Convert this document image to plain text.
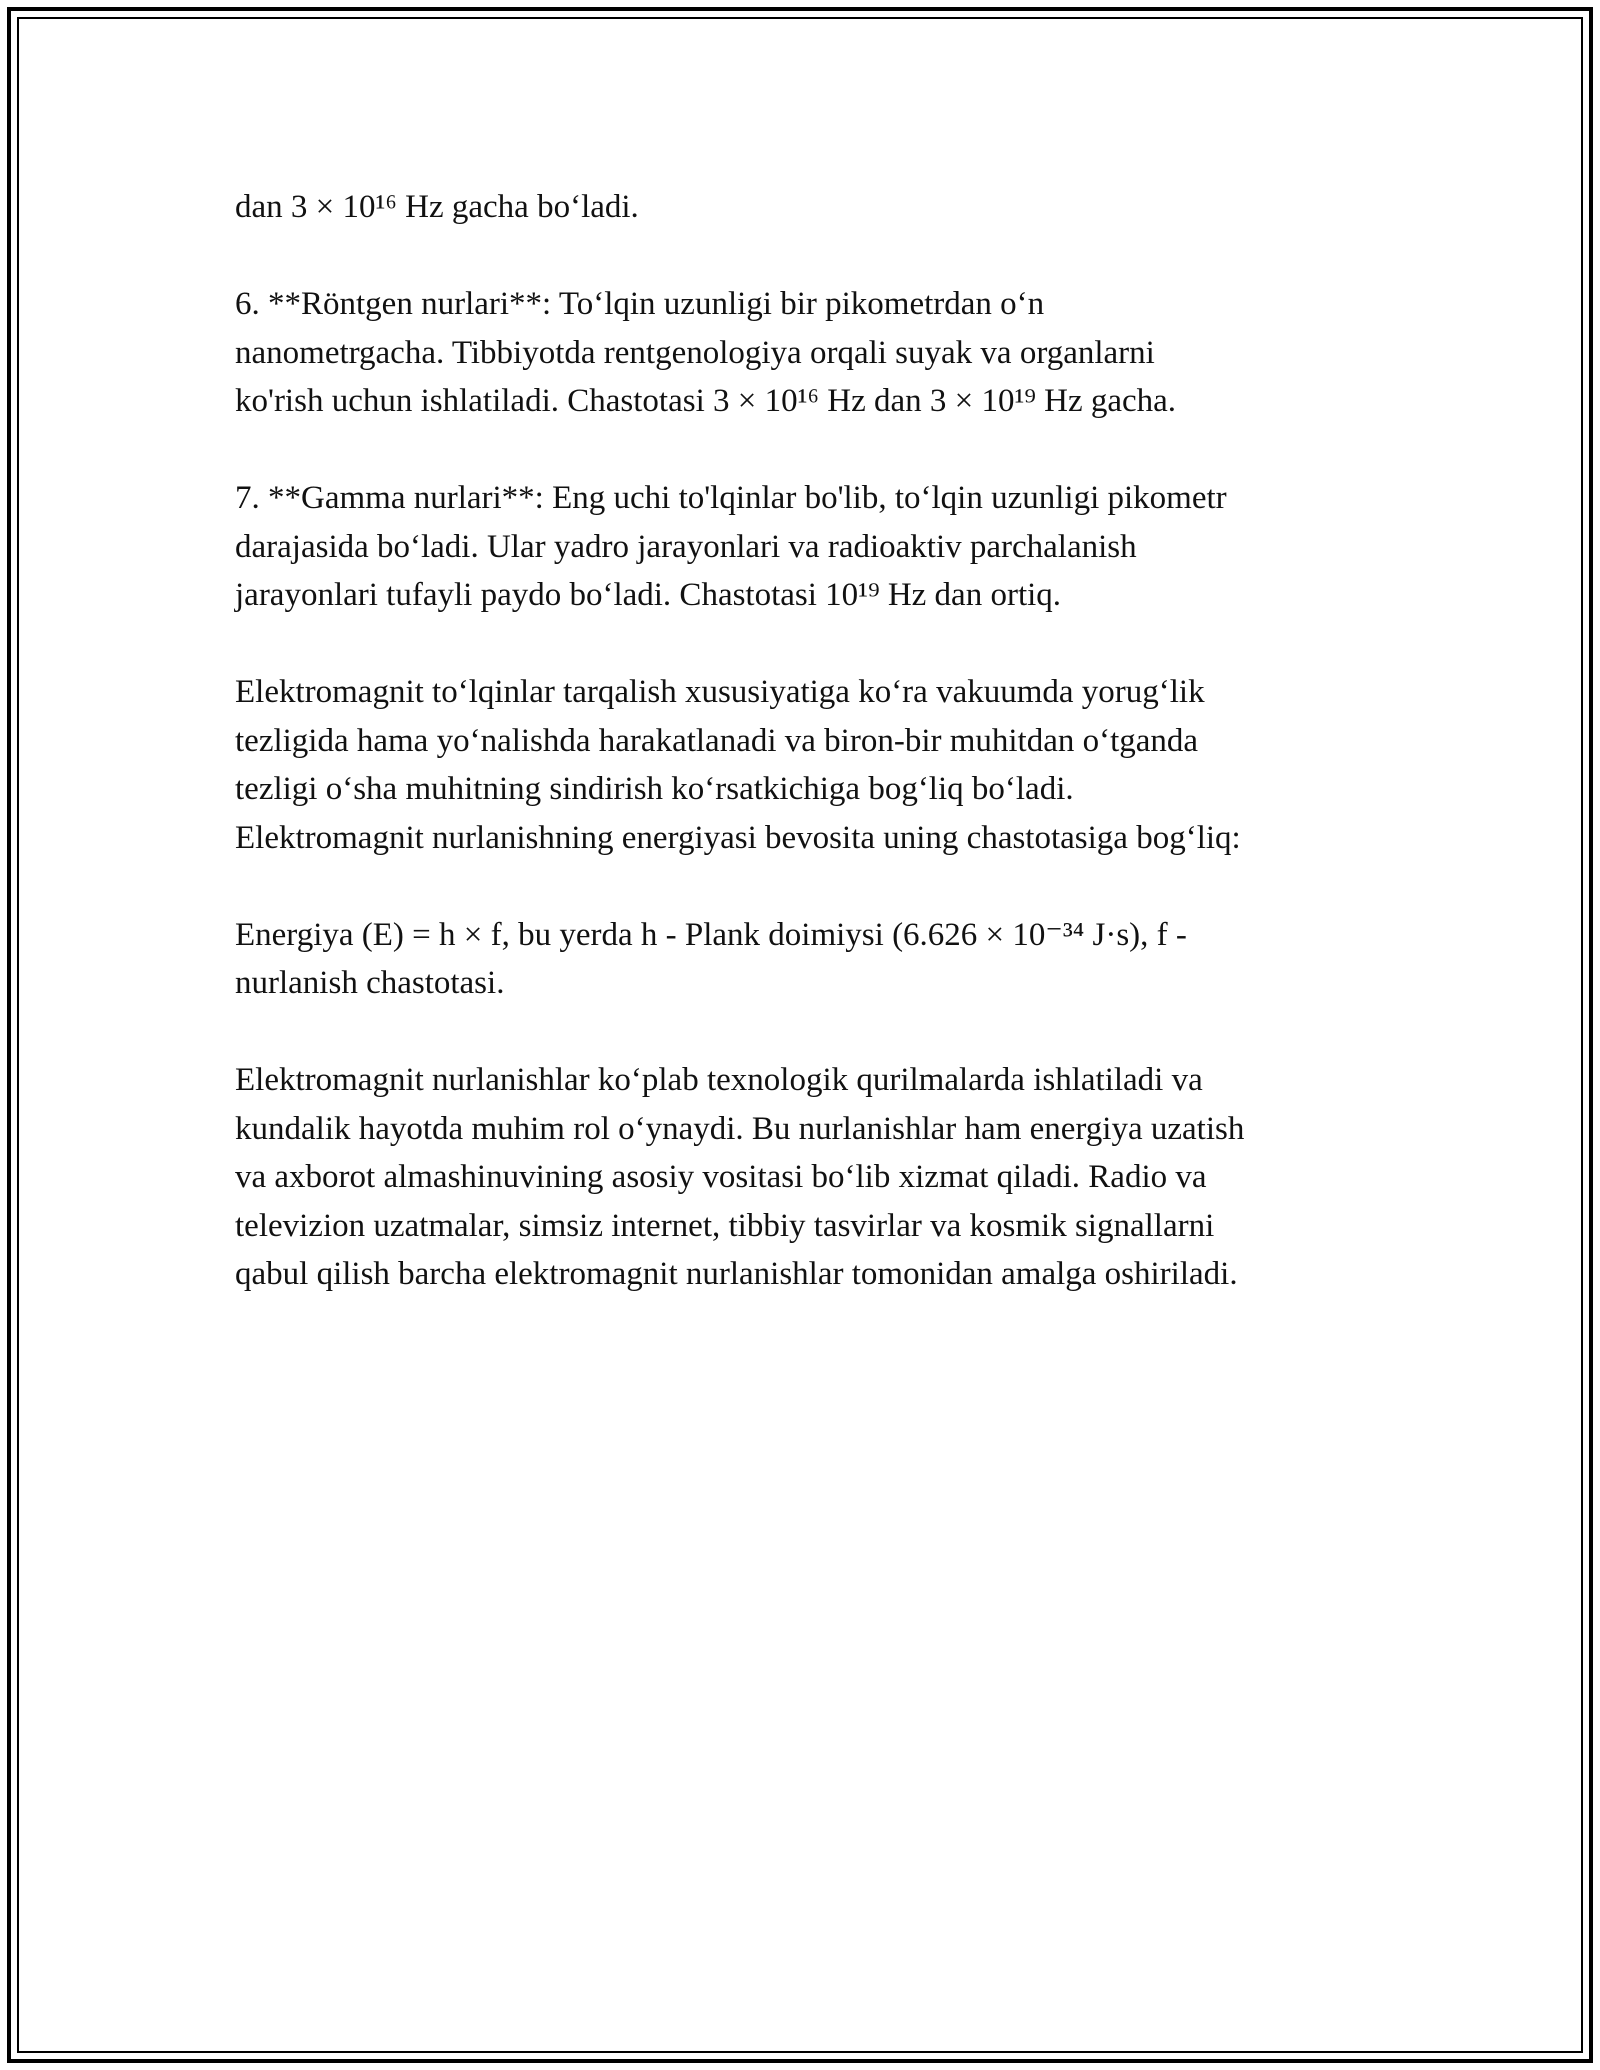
dan 3 × 10¹⁶ Hz gacha bo‘ladi.

6. **Röntgen nurlari**: To‘lqin uzunligi bir pikometrdan o‘n
nanometrgacha. Tibbiyotda rentgenologiya orqali suyak va organlarni
ko'rish uchun ishlatiladi. Chastotasi 3 × 10¹⁶ Hz dan 3 × 10¹⁹ Hz gacha.

7. **Gamma nurlari**: Eng uchi to'lqinlar bo'lib, to‘lqin uzunligi pikometr
darajasida bo‘ladi. Ular yadro jarayonlari va radioaktiv parchalanish
jarayonlari tufayli paydo bo‘ladi. Chastotasi 10¹⁹ Hz dan ortiq.

Elektromagnit to‘lqinlar tarqalish xususiyatiga ko‘ra vakuumda yorug‘lik
tezligida hama yo‘nalishda harakatlanadi va biron-bir muhitdan o‘tganda
tezligi o‘sha muhitning sindirish ko‘rsatkichiga bog‘liq bo‘ladi.
Elektromagnit nurlanishning energiyasi bevosita uning chastotasiga bog‘liq:

Energiya (E) = h × f, bu yerda h - Plank doimiysi (6.626 × 10⁻³⁴ J·s), f -
nurlanish chastotasi.

Elektromagnit nurlanishlar ko‘plab texnologik qurilmalarda ishlatiladi va
kundalik hayotda muhim rol o‘ynaydi. Bu nurlanishlar ham energiya uzatish
va axborot almashinuvining asosiy vositasi bo‘lib xizmat qiladi. Radio va
televizion uzatmalar, simsiz internet, tibbiy tasvirlar va kosmik signallarni
qabul qilish barcha elektromagnit nurlanishlar tomonidan amalga oshiriladi.
